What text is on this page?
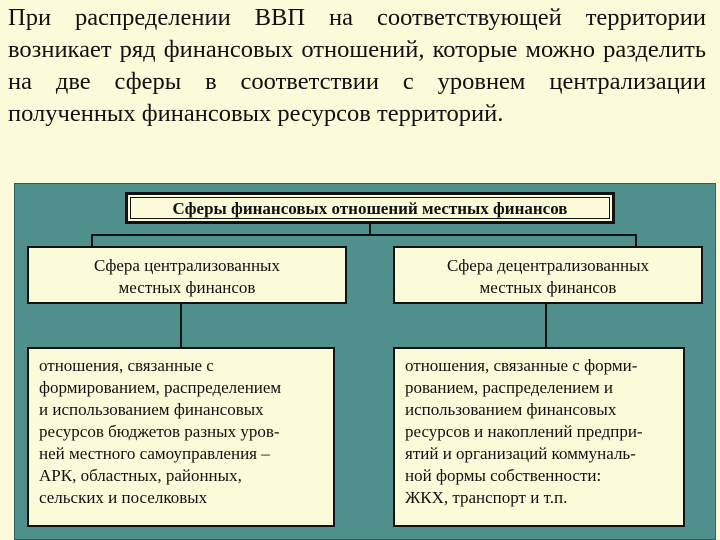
При распределении ВВП на соответствующей территории возникает ряд финансовых отношений, которые можно разделить на две сферы в соответствии с уровнем централизации полученных финансовых ресурсов территорий.
Сферы финансовых отношений местных финансов
Сфера централизованных
местных финансов
Сфера децентрализованных
местных финансов
отношения, связанные с
формированием, распределением
и использованием финансовых
ресурсов бюджетов разных уров-
ней местного самоуправления –
АРК, областных, районных,
сельских и поселковых
отношения, связанные с форми-
рованием, распределением и
использованием финансовых
ресурсов и накоплений предпри-
ятий и организаций коммуналь-
ной формы собственности:
ЖКХ, транспорт и т.п.
